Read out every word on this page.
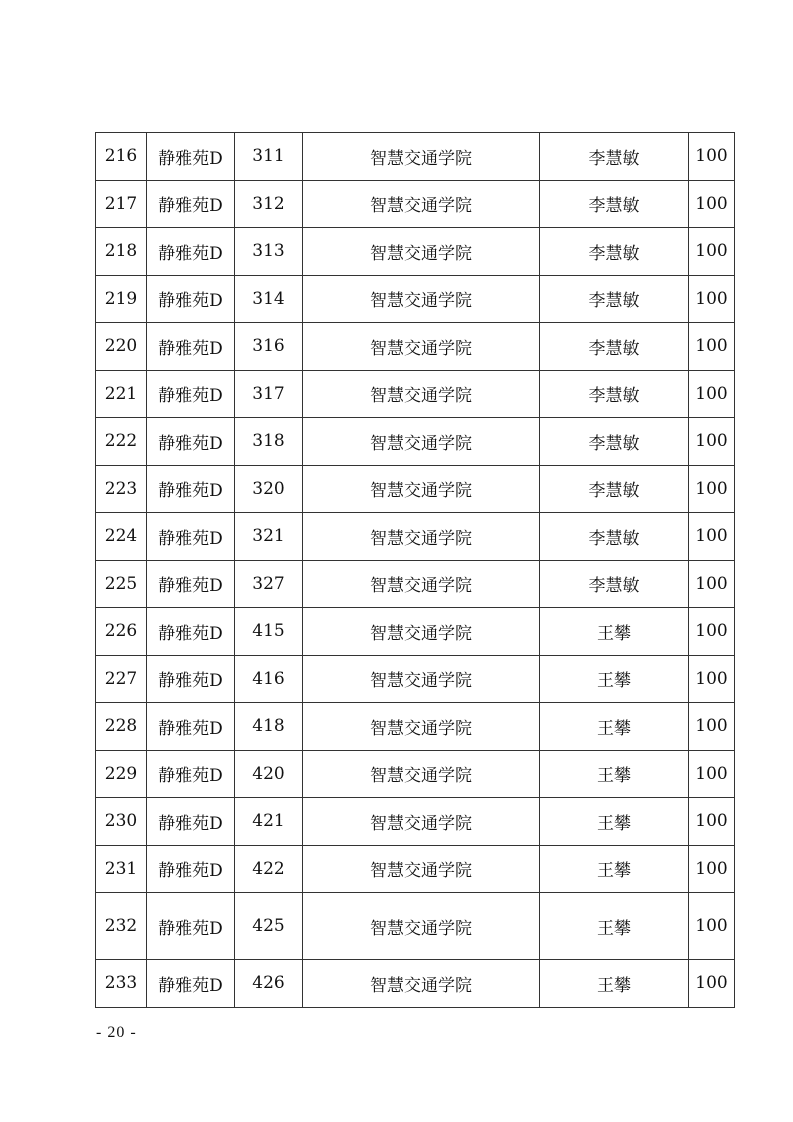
216	静雅苑D	311	智慧交通学院	李慧敏	100
217	静雅苑D	312	智慧交通学院	李慧敏	100
218	静雅苑D	313	智慧交通学院	李慧敏	100
219	静雅苑D	314	智慧交通学院	李慧敏	100
220	静雅苑D	316	智慧交通学院	李慧敏	100
221	静雅苑D	317	智慧交通学院	李慧敏	100
222	静雅苑D	318	智慧交通学院	李慧敏	100
223	静雅苑D	320	智慧交通学院	李慧敏	100
224	静雅苑D	321	智慧交通学院	李慧敏	100
225	静雅苑D	327	智慧交通学院	李慧敏	100
226	静雅苑D	415	智慧交通学院	王攀	100
227	静雅苑D	416	智慧交通学院	王攀	100
228	静雅苑D	418	智慧交通学院	王攀	100
229	静雅苑D	420	智慧交通学院	王攀	100
230	静雅苑D	421	智慧交通学院	王攀	100
231	静雅苑D	422	智慧交通学院	王攀	100
232	静雅苑D	425	智慧交通学院	王攀	100
233	静雅苑D	426	智慧交通学院	王攀	100
- 20 -
